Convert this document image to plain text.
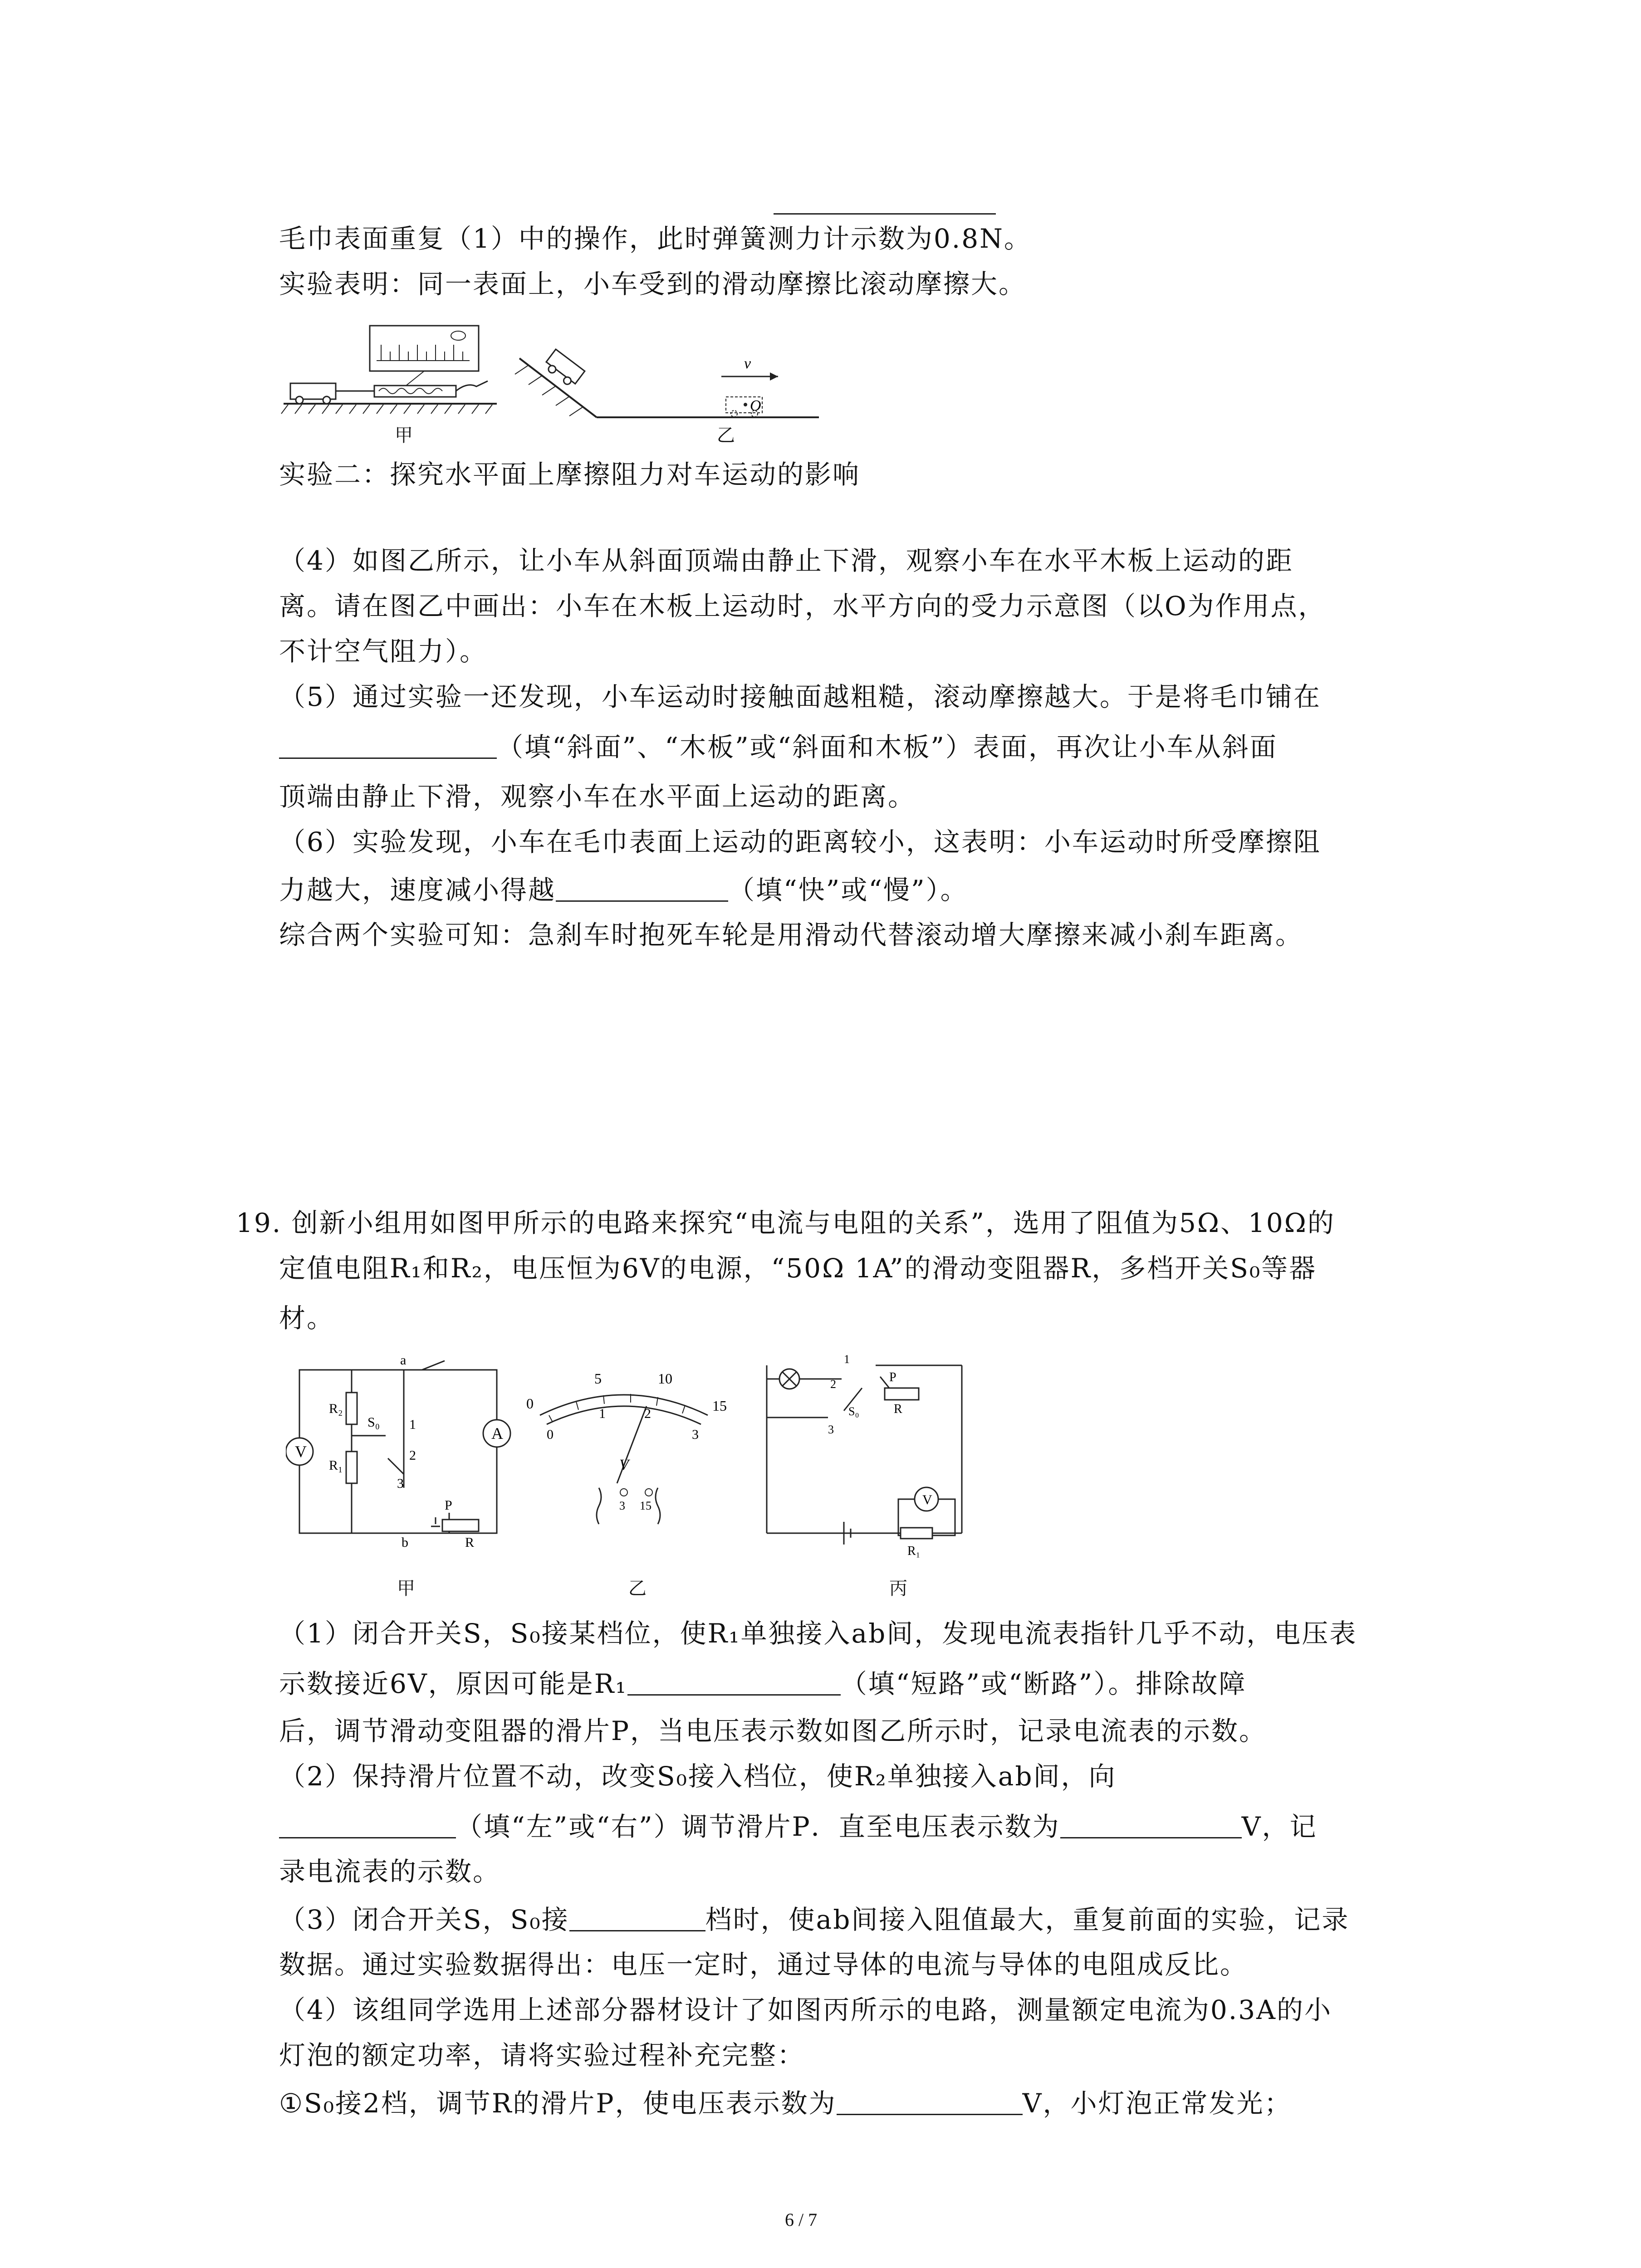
毛巾表面重复（1）中的操作，此时弹簧测力计示数为0.8N。
实验表明：同一表面上，小车受到的滑动摩擦比滚动摩擦大。
v
O
甲	乙
实验二：探究水平面上摩擦阻力对车运动的影响
（4）如图乙所示，让小车从斜面顶端由静止下滑，观察小车在水平木板上运动的距
离。请在图乙中画出：小车在木板上运动时，水平方向的受力示意图（以O为作用点，
不计空气阻力）。
（5）通过实验一还发现，小车运动时接触面越粗糙，滚动摩擦越大。于是将毛巾铺在
（填“斜面”、“木板”或“斜面和木板”）表面，再次让小车从斜面
顶端由静止下滑，观察小车在水平面上运动的距离。
（6）实验发现，小车在毛巾表面上运动的距离较小，这表明：小车运动时所受摩擦阻
力越大，速度减小得越	（填“快”或“慢”）。
综合两个实验可知：急刹车时抱死车轮是用滑动代替滚动增大摩擦来减小刹车距离。
19. 创新小组用如图甲所示的电路来探究“电流与电阻的关系”，选用了阻值为5Ω、10Ω的
定值电阻R₁和R₂，电压恒为6V的电源，“50Ω 1A”的滑动变阻器R，多档开关S₀等器
材。
V
A
a
b
R₂
R₁
S₀ 1
2
3
P
R
0
5	10
15
0
1	2
3
V
3 15
1
2
3
S₀
P
R
V
R₁
甲	乙	丙
（1）闭合开关S，S₀接某档位，使R₁单独接入ab间，发现电流表指针几乎不动，电压表
示数接近6V，原因可能是R₁	（填“短路”或“断路”）。排除故障
后，调节滑动变阻器的滑片P，当电压表示数如图乙所示时，记录电流表的示数。
（2）保持滑片位置不动，改变S₀接入档位，使R₂单独接入ab间，向
（填“左”或“右”）调节滑片P．直至电压表示数为	V，记
录电流表的示数。
（3）闭合开关S，S₀接	档时，使ab间接入阻值最大，重复前面的实验，记录
数据。通过实验数据得出：电压一定时，通过导体的电流与导体的电阻成反比。
（4）该组同学选用上述部分器材设计了如图丙所示的电路，测量额定电流为0.3A的小
灯泡的额定功率，请将实验过程补充完整：
①S₀接2档，调节R的滑片P，使电压表示数为	V，小灯泡正常发光；
6 / 7
